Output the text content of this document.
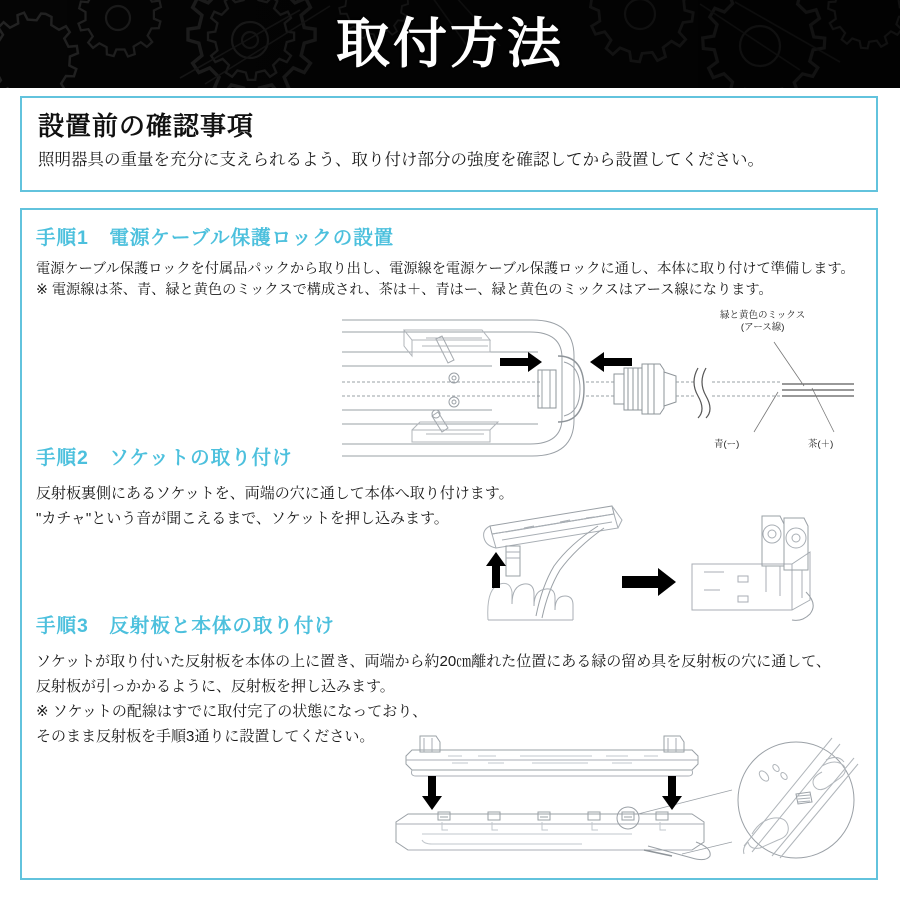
取付方法
設置前の確認事項
照明器具の重量を充分に支えられるよう、取り付け部分の強度を確認してから設置してください。
手順1　電源ケーブル保護ロックの設置
電源ケーブル保護ロックを付属品パックから取り出し、電源線を電源ケーブル保護ロックに通し、本体に取り付けて準備します。
※ 電源線は茶、青、緑と黄色のミックスで構成され、茶は＋、青はー、緑と黄色のミックスはアース線になります。
緑と黄色のミックス
(アース線)
青(ー)	茶(＋)
手順2　ソケットの取り付け
反射板裏側にあるソケットを、両端の穴に通して本体へ取り付けます。
"カチャ"という音が聞こえるまで、ソケットを押し込みます。
手順3　反射板と本体の取り付け
ソケットが取り付いた反射板を本体の上に置き、両端から約20㎝離れた位置にある緑の留め具を反射板の穴に通して、
反射板が引っかかるように、反射板を押し込みます。
※ ソケットの配線はすでに取付完了の状態になっており、
そのまま反射板を手順3通りに設置してください。
